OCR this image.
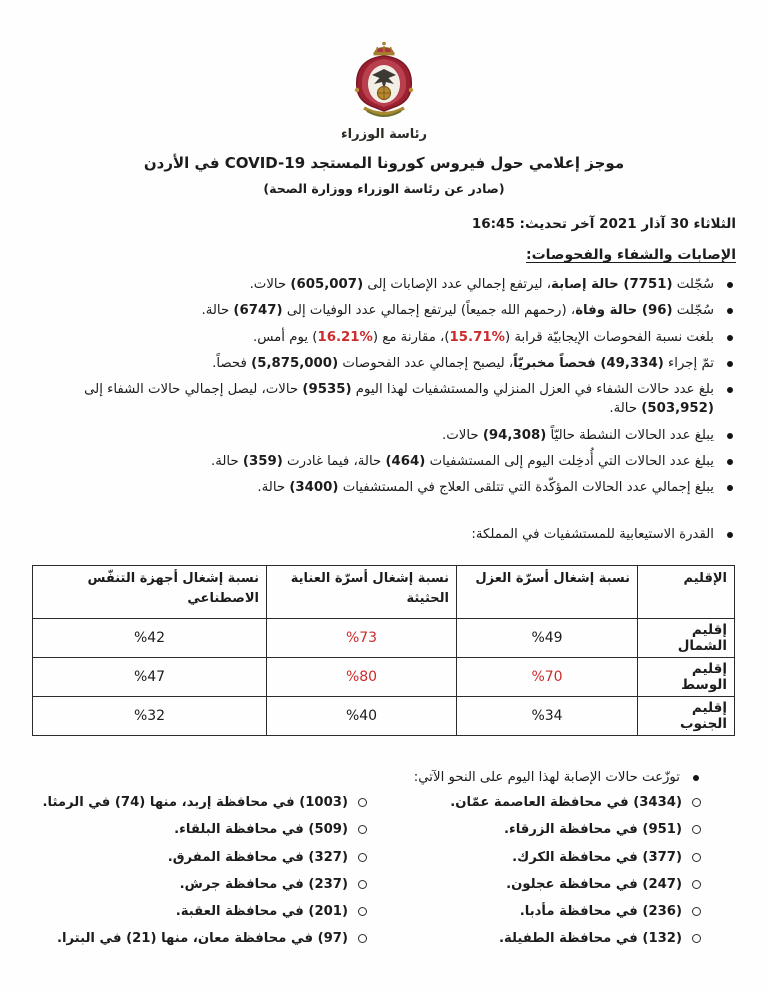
رئاسة الوزراء
موجز إعلامي حول فيروس كورونا المستجد COVID-19 في الأردن
(صادر عن رئاسة الوزراء ووزارة الصحة)
الثلاثاء 30 آذار 2021 آخر تحديث: 16:45
الإصابات والشفاء والفحوصات:
سُجّلت (7751) حالة إصابة، ليرتفع إجمالي عدد الإصابات إلى (605,007) حالات.
سُجّلت (96) حالة وفاة، (رحمهم الله جميعاً) ليرتفع إجمالي عدد الوفيات إلى (6747) حالة.
بلغت نسبة الفحوصات الإيجابيّة قرابة (%15.71)، مقارنة مع (%16.21) يوم أمس.
تمّ إجراء (49,334) فحصاً مخبريّاً، ليصبح إجمالي عدد الفحوصات (5,875,000) فحصاً.
بلغ عدد حالات الشفاء في العزل المنزلي والمستشفيات لهذا اليوم (9535) حالات، ليصل إجمالي حالات الشفاء إلى (503,952) حالة.
يبلغ عدد الحالات النشطة حاليّاً (94,308) حالات.
يبلغ عدد الحالات التي أُدخِلت اليوم إلى المستشفيات (464) حالة، فيما غادرت (359) حالة.
يبلغ إجمالي عدد الحالات المؤكّدة التي تتلقى العلاج في المستشفيات (3400) حالة.
القدرة الاستيعابية للمستشفيات في المملكة:
الإقليم	نسبة إشغال أسرّة العزل	نسبة إشغال أسرّة العناية الحثيثة	نسبة إشغال أجهزة التنفّس الاصطناعي
إقليم الشمال	%49	%73	%42
إقليم الوسط	%70	%80	%47
إقليم الجنوب	%34	%40	%32
توزّعت حالات الإصابة لهذا اليوم على النحو الآتي:
(3434) في محافظة العاصمة عمّان.
(951) في محافظة الزرقاء.
(377) في محافظة الكرك.
(247) في محافظة عجلون.
(236) في محافظة مأدبا.
(132) في محافظة الطفيلة.
(1003) في محافظة إربد، منها (74) في الرمثا.
(509) في محافظة البلقاء.
(327) في محافظة المفرق.
(237) في محافظة جرش.
(201) في محافظة العقبة.
(97) في محافظة معان، منها (21) في البترا.
